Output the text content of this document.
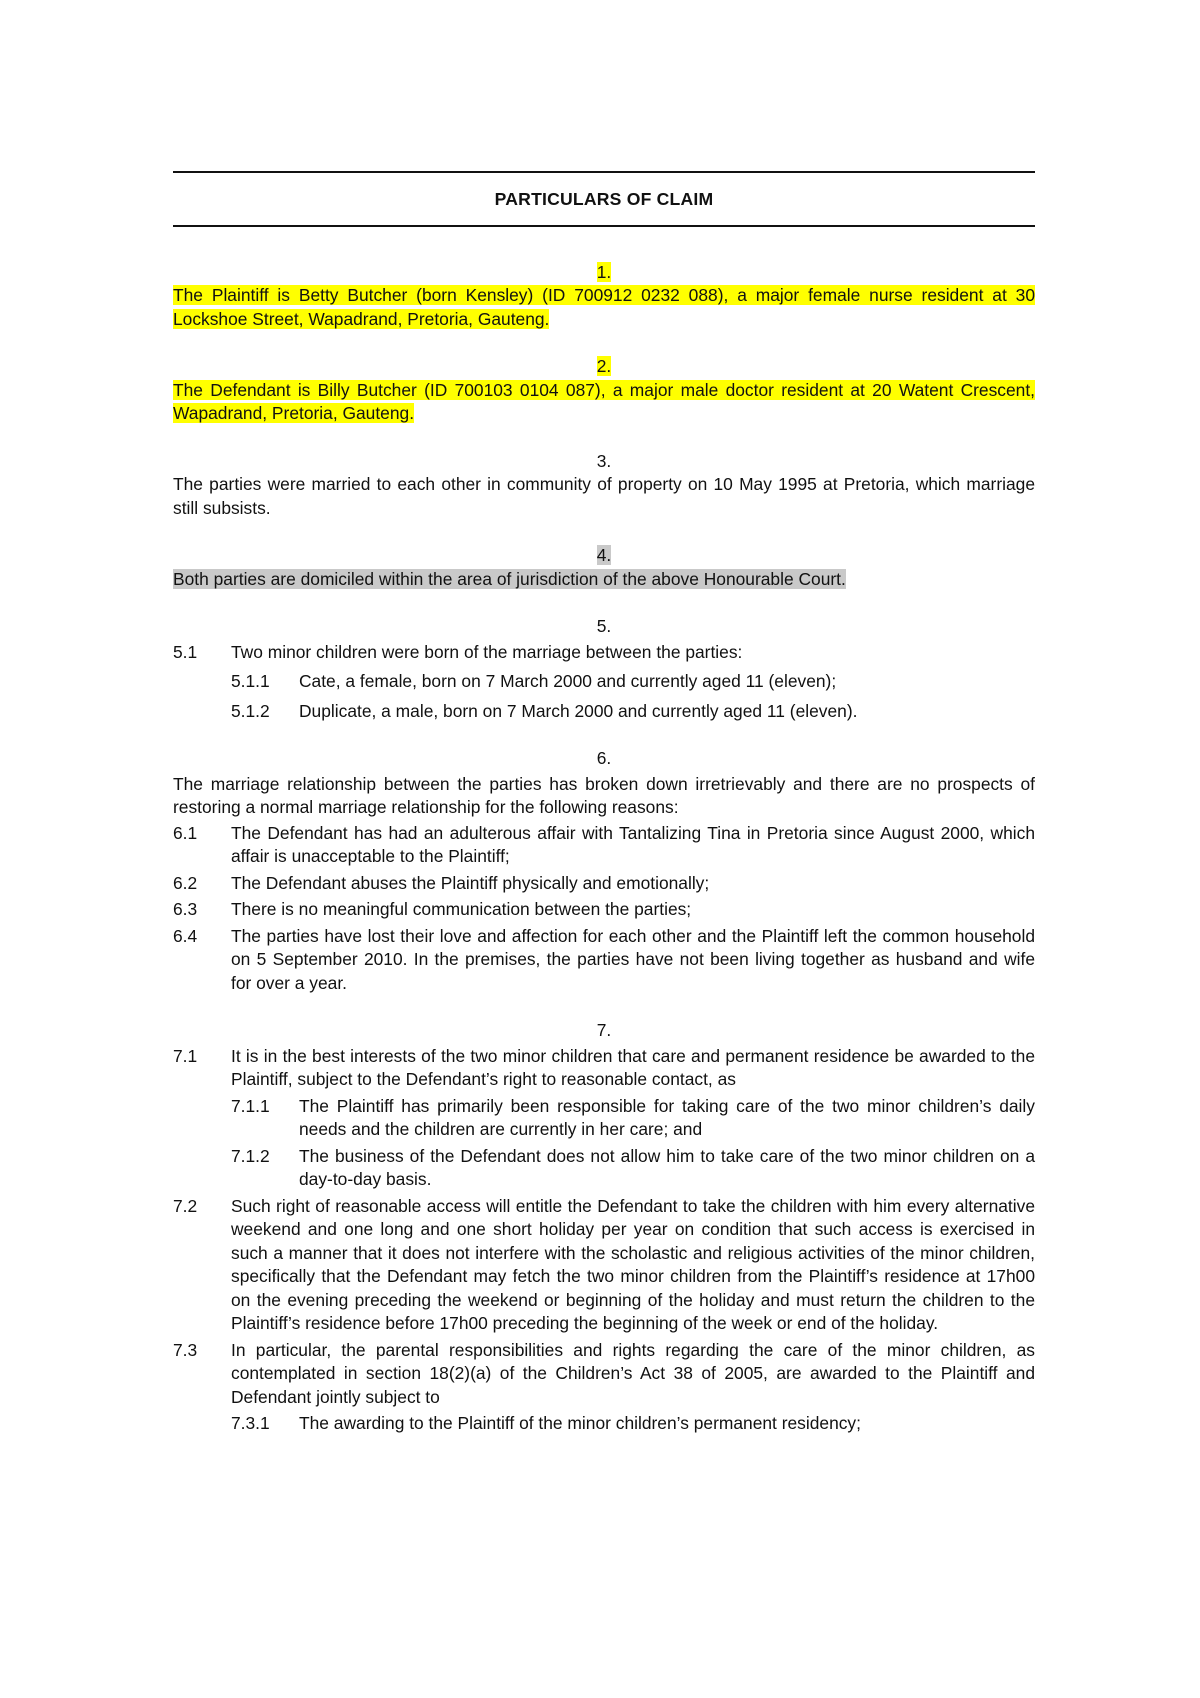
PARTICULARS OF CLAIM
1.
The Plaintiff is Betty Butcher (born Kensley) (ID 700912 0232 088), a major female nurse resident at 30 Lockshoe Street, Wapadrand, Pretoria, Gauteng.
2.
The Defendant is Billy Butcher (ID 700103 0104 087), a major male doctor resident at 20 Watent Crescent, Wapadrand, Pretoria, Gauteng.
3.
The parties were married to each other in community of property on 10 May 1995 at Pretoria, which marriage still subsists.
4.
Both parties are domiciled within the area of jurisdiction of the above Honourable Court.
5.
5.1	Two minor children were born of the marriage between the parties:
5.1.1	Cate, a female, born on 7 March 2000 and currently aged 11 (eleven);
5.1.2	Duplicate, a male, born on 7 March 2000 and currently aged 11 (eleven).
6.
The marriage relationship between the parties has broken down irretrievably and there are no prospects of restoring a normal marriage relationship for the following reasons:
6.1	The Defendant has had an adulterous affair with Tantalizing Tina in Pretoria since August 2000, which affair is unacceptable to the Plaintiff;
6.2	The Defendant abuses the Plaintiff physically and emotionally;
6.3	There is no meaningful communication between the parties;
6.4	The parties have lost their love and affection for each other and the Plaintiff left the common household on 5 September 2010. In the premises, the parties have not been living together as husband and wife for over a year.
7.
7.1	It is in the best interests of the two minor children that care and permanent residence be awarded to the Plaintiff, subject to the Defendant’s right to reasonable contact, as
7.1.1	The Plaintiff has primarily been responsible for taking care of the two minor children’s daily needs and the children are currently in her care; and
7.1.2	The business of the Defendant does not allow him to take care of the two minor children on a day-to-day basis.
7.2	Such right of reasonable access will entitle the Defendant to take the children with him every alternative weekend and one long and one short holiday per year on condition that such access is exercised in such a manner that it does not interfere with the scholastic and religious activities of the minor children, specifically that the Defendant may fetch the two minor children from the Plaintiff’s residence at 17h00 on the evening preceding the weekend or beginning of the holiday and must return the children to the Plaintiff’s residence before 17h00 preceding the beginning of the week or end of the holiday.
7.3	In particular, the parental responsibilities and rights regarding the care of the minor children, as contemplated in section 18(2)(a) of the Children’s Act 38 of 2005, are awarded to the Plaintiff and Defendant jointly subject to
7.3.1	The awarding to the Plaintiff of the minor children’s permanent residency;
